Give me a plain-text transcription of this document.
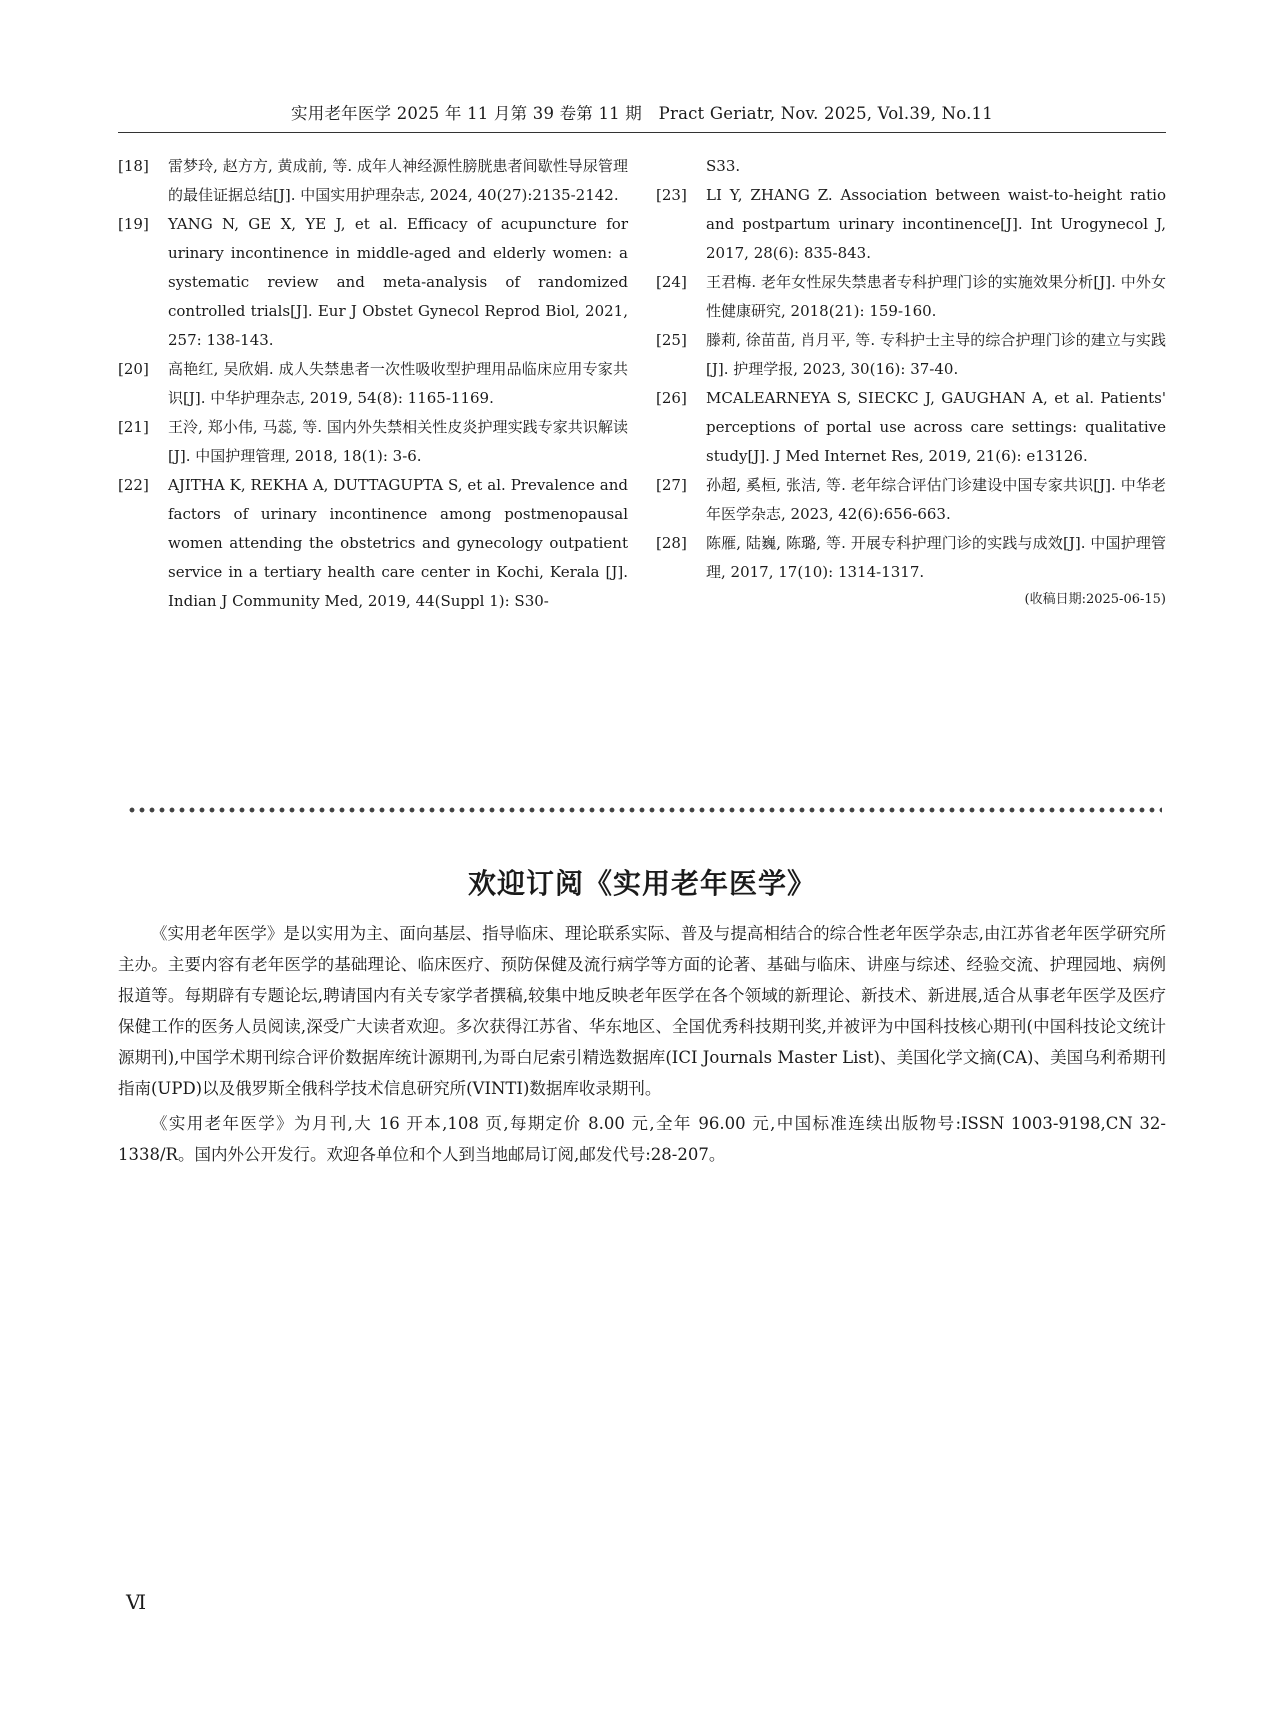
实用老年医学 2025 年 11 月第 39 卷第 11 期　Pract Geriatr, Nov. 2025, Vol.39, No.11
[18] 雷梦玲, 赵方方, 黄成前, 等. 成年人神经源性膀胱患者间歇性导尿管理的最佳证据总结[J]. 中国实用护理杂志, 2024, 40(27):2135-2142.
[19] YANG N, GE X, YE J, et al. Efficacy of acupuncture for urinary incontinence in middle-aged and elderly women: a systematic review and meta-analysis of randomized controlled trials[J]. Eur J Obstet Gynecol Reprod Biol, 2021, 257: 138-143.
[20] 高艳红, 吴欣娟. 成人失禁患者一次性吸收型护理用品临床应用专家共识[J]. 中华护理杂志, 2019, 54(8): 1165-1169.
[21] 王泠, 郑小伟, 马蕊, 等. 国内外失禁相关性皮炎护理实践专家共识解读[J]. 中国护理管理, 2018, 18(1): 3-6.
[22] AJITHA K, REKHA A, DUTTAGUPTA S, et al. Prevalence and factors of urinary incontinence among postmenopausal women attending the obstetrics and gynecology outpatient service in a tertiary health care center in Kochi, Kerala [J]. Indian J Community Med, 2019, 44(Suppl 1): S30-
S33.
[23] LI Y, ZHANG Z. Association between waist-to-height ratio and postpartum urinary incontinence[J]. Int Urogynecol J, 2017, 28(6): 835-843.
[24] 王君梅. 老年女性尿失禁患者专科护理门诊的实施效果分析[J]. 中外女性健康研究, 2018(21): 159-160.
[25] 滕莉, 徐苗苗, 肖月平, 等. 专科护士主导的综合护理门诊的建立与实践[J]. 护理学报, 2023, 30(16): 37-40.
[26] MCALEARNEYA S, SIECKC J, GAUGHAN A, et al. Patients' perceptions of portal use across care settings: qualitative study[J]. J Med Internet Res, 2019, 21(6): e13126.
[27] 孙超, 奚桓, 张洁, 等. 老年综合评估门诊建设中国专家共识[J]. 中华老年医学杂志, 2023, 42(6):656-663.
[28] 陈雁, 陆巍, 陈璐, 等. 开展专科护理门诊的实践与成效[J]. 中国护理管理, 2017, 17(10): 1314-1317.
(收稿日期:2025-06-15)
欢迎订阅《实用老年医学》

《实用老年医学》是以实用为主、面向基层、指导临床、理论联系实际、普及与提高相结合的综合性老年医学杂志,由江苏省老年医学研究所主办。主要内容有老年医学的基础理论、临床医疗、预防保健及流行病学等方面的论著、基础与临床、讲座与综述、经验交流、护理园地、病例报道等。每期辟有专题论坛,聘请国内有关专家学者撰稿,较集中地反映老年医学在各个领域的新理论、新技术、新进展,适合从事老年医学及医疗保健工作的医务人员阅读,深受广大读者欢迎。多次获得江苏省、华东地区、全国优秀科技期刊奖,并被评为中国科技核心期刊(中国科技论文统计源期刊),中国学术期刊综合评价数据库统计源期刊,为哥白尼索引精选数据库(ICI Journals Master List)、美国化学文摘(CA)、美国乌利希期刊指南(UPD)以及俄罗斯全俄科学技术信息研究所(VINTI)数据库收录期刊。

《实用老年医学》为月刊,大 16 开本,108 页,每期定价 8.00 元,全年 96.00 元,中国标准连续出版物号:ISSN 1003-9198,CN 32-1338/R。国内外公开发行。欢迎各单位和个人到当地邮局订阅,邮发代号:28-207。

Ⅵ
